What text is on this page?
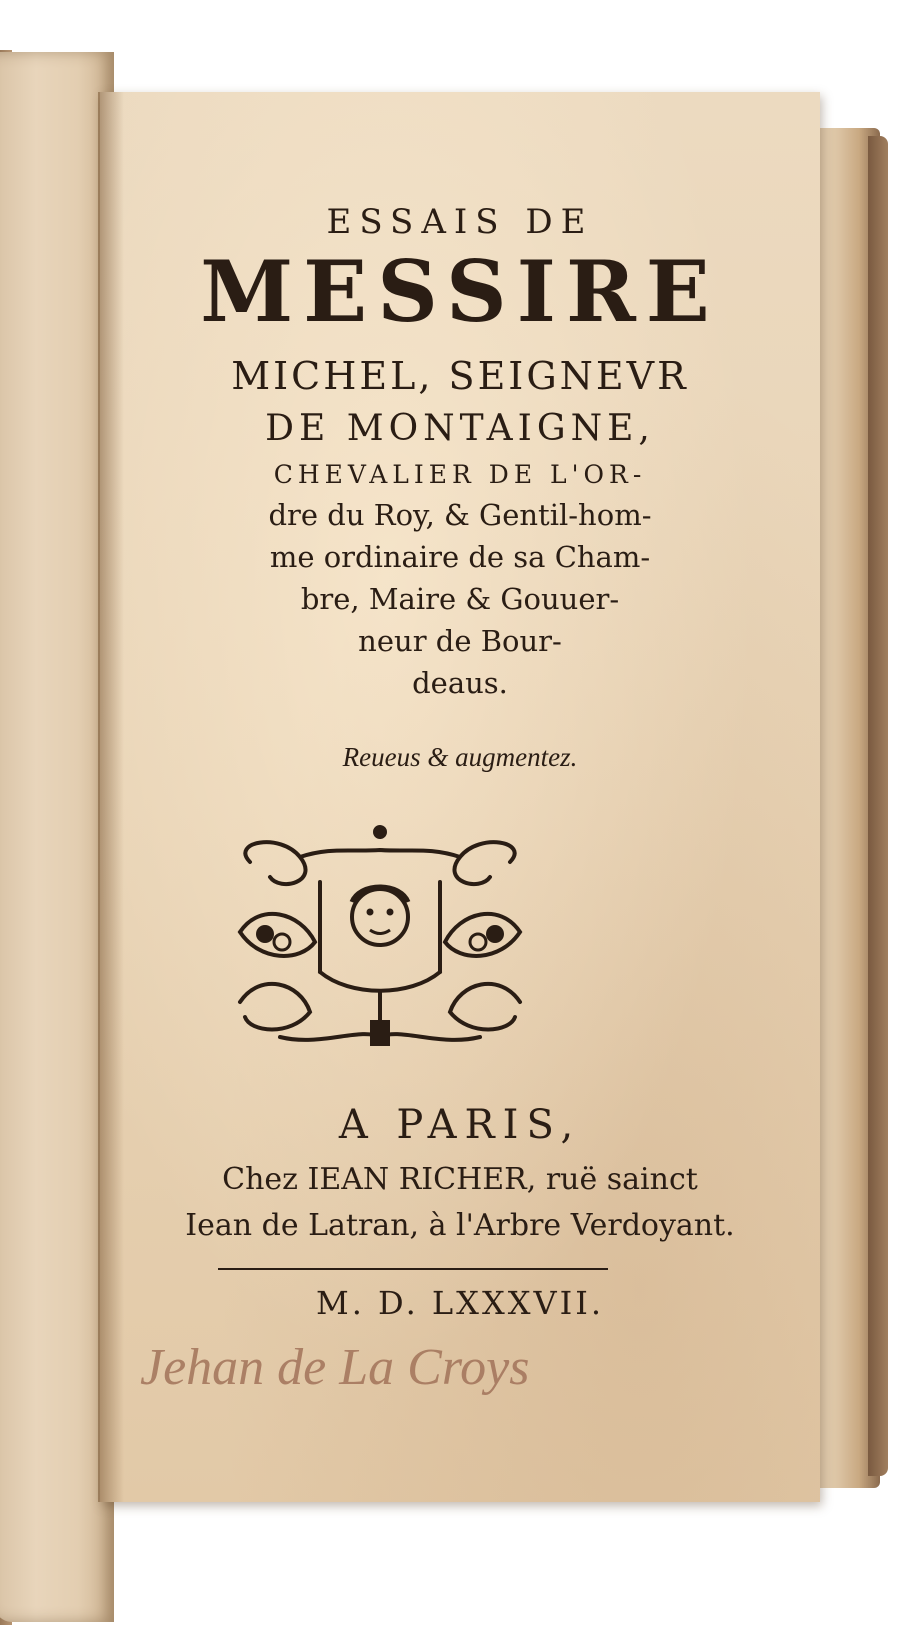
ESSAIS DE
MESSIRE
MICHEL, SEIGNEVR
DE MONTAIGNE,
CHEVALIER DE L'OR-
dre du Roy, & Gentil-hom-
me ordinaire de sa Cham-
bre, Maire & Gouuer-
neur de Bour-
deaus.
Reueus & augmentez.
A PARIS,
Chez IEAN RICHER, ruë sainct
Iean de Latran, à l'Arbre Verdoyant.
M. D. LXXXVII.
Jehan de La Croys
